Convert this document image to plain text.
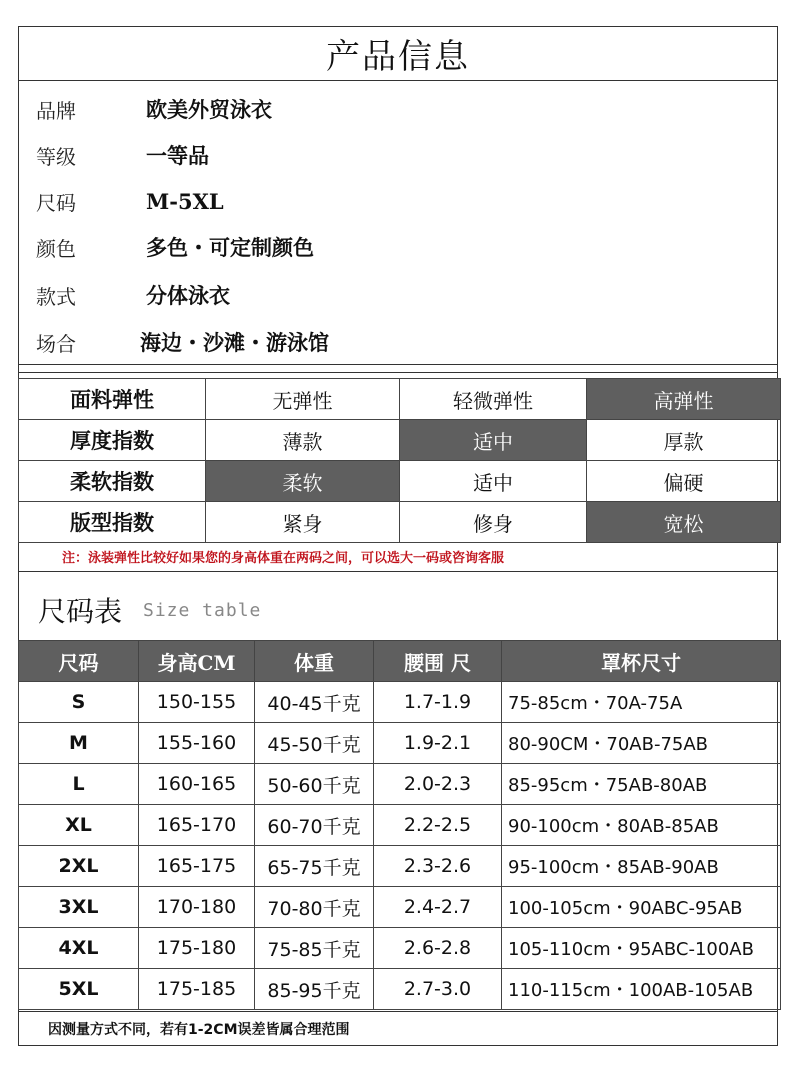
产品信息
品牌	欧美外贸泳衣
等级	一等品
尺码	M-5XL
颜色	多色・可定制颜色
款式	分体泳衣
场合	海边・沙滩・游泳馆
面料弹性	无弹性	轻微弹性	高弹性
厚度指数	薄款	适中	厚款
柔软指数	柔软	适中	偏硬
版型指数	紧身	修身	宽松
注：泳装弹性比较好如果您的身高体重在两码之间，可以选大一码或咨询客服
尺码表 Size table
尺码	身高CM	体重	腰围 尺	罩杯尺寸
S	150-155	40-45千克	1.7-1.9	75-85cm・70A-75A
M	155-160	45-50千克	1.9-2.1	80-90CM・70AB-75AB
L	160-165	50-60千克	2.0-2.3	85-95cm・75AB-80AB
XL	165-170	60-70千克	2.2-2.5	90-100cm・80AB-85AB
2XL	165-175	65-75千克	2.3-2.6	95-100cm・85AB-90AB
3XL	170-180	70-80千克	2.4-2.7	100-105cm・90ABC-95AB
4XL	175-180	75-85千克	2.6-2.8	105-110cm・95ABC-100AB
5XL	175-185	85-95千克	2.7-3.0	110-115cm・100AB-105AB
因测量方式不同，若有1-2CM误差皆属合理范围
